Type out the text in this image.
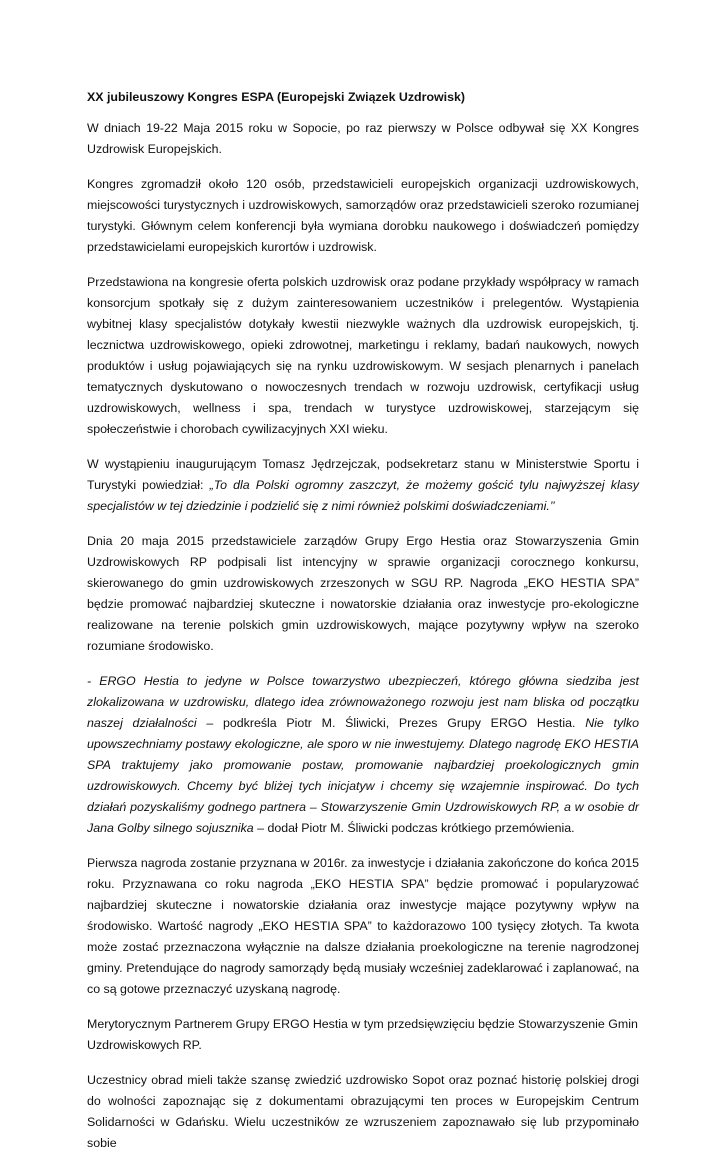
XX jubileuszowy Kongres ESPA (Europejski Związek Uzdrowisk)

W dniach 19-22 Maja 2015 roku w Sopocie, po raz pierwszy w Polsce odbywał się XX Kongres Uzdrowisk Europejskich.

Kongres zgromadził około 120 osób, przedstawicieli europejskich organizacji uzdrowiskowych, miejscowości turystycznych i uzdrowiskowych, samorządów oraz przedstawicieli szeroko rozumianej turystyki. Głównym celem konferencji była wymiana dorobku naukowego i doświadczeń pomiędzy przedstawicielami europejskich kurortów i uzdrowisk.

Przedstawiona na kongresie oferta polskich uzdrowisk oraz podane przykłady współpracy w ramach konsorcjum spotkały się z dużym zainteresowaniem uczestników i prelegentów. Wystąpienia wybitnej klasy specjalistów dotykały kwestii niezwykle ważnych dla uzdrowisk europejskich, tj. lecznictwa uzdrowiskowego, opieki zdrowotnej, marketingu i reklamy, badań naukowych, nowych produktów i usług pojawiających się na rynku uzdrowiskowym. W sesjach plenarnych i panelach tematycznych dyskutowano o nowoczesnych trendach w rozwoju uzdrowisk, certyfikacji usług uzdrowiskowych, wellness i spa, trendach w turystyce uzdrowiskowej, starzejącym się społeczeństwie i chorobach cywilizacyjnych XXI wieku.

W wystąpieniu inaugurującym Tomasz Jędrzejczak, podsekretarz stanu w Ministerstwie Sportu i Turystyki powiedział: „To dla Polski ogromny zaszczyt, że możemy gościć tylu najwyższej klasy specjalistów w tej dziedzinie i podzielić się z nimi również polskimi doświadczeniami.’’

Dnia 20 maja 2015 przedstawiciele zarządów Grupy Ergo Hestia oraz Stowarzyszenia Gmin Uzdrowiskowych RP podpisali list intencyjny w sprawie organizacji corocznego konkursu, skierowanego do gmin uzdrowiskowych zrzeszonych w SGU RP. Nagroda „EKO HESTIA SPA” będzie promować najbardziej skuteczne i nowatorskie działania oraz inwestycje pro-ekologiczne realizowane na terenie polskich gmin uzdrowiskowych, mające pozytywny wpływ na szeroko rozumiane środowisko.

- ERGO Hestia to jedyne w Polsce towarzystwo ubezpieczeń, którego główna siedziba jest zlokalizowana w uzdrowisku, dlatego idea zrównoważonego rozwoju jest nam bliska od początku naszej działalności – podkreśla Piotr M. Śliwicki, Prezes Grupy ERGO Hestia. Nie tylko upowszechniamy postawy ekologiczne, ale sporo w nie inwestujemy. Dlatego nagrodę EKO HESTIA SPA traktujemy jako promowanie postaw, promowanie najbardziej proekologicznych gmin uzdrowiskowych. Chcemy być bliżej tych inicjatyw i chcemy się wzajemnie inspirować. Do tych działań pozyskaliśmy godnego partnera – Stowarzyszenie Gmin Uzdrowiskowych RP, a w osobie dr Jana Golby silnego sojusznika – dodał Piotr M. Śliwicki podczas krótkiego przemówienia.

Pierwsza nagroda zostanie przyznana w 2016r. za inwestycje i działania zakończone do końca 2015 roku. Przyznawana co roku nagroda „EKO HESTIA SPA” będzie promować i popularyzować najbardziej skuteczne i nowatorskie działania oraz inwestycje mające pozytywny wpływ na środowisko. Wartość nagrody „EKO HESTIA SPA” to każdorazowo 100 tysięcy złotych. Ta kwota może zostać przeznaczona wyłącznie na dalsze działania proekologiczne na terenie nagrodzonej gminy. Pretendujące do nagrody samorządy będą musiały wcześniej zadeklarować i zaplanować, na co są gotowe przeznaczyć uzyskaną nagrodę.

Merytorycznym Partnerem Grupy ERGO Hestia w tym przedsięwzięciu będzie Stowarzyszenie Gmin Uzdrowiskowych RP.

Uczestnicy obrad mieli także szansę zwiedzić uzdrowisko Sopot oraz poznać historię polskiej drogi do wolności zapoznając się z dokumentami obrazującymi ten proces w Europejskim Centrum Solidarności w Gdańsku. Wielu uczestników ze wzruszeniem zapoznawało się lub przypominało sobie
